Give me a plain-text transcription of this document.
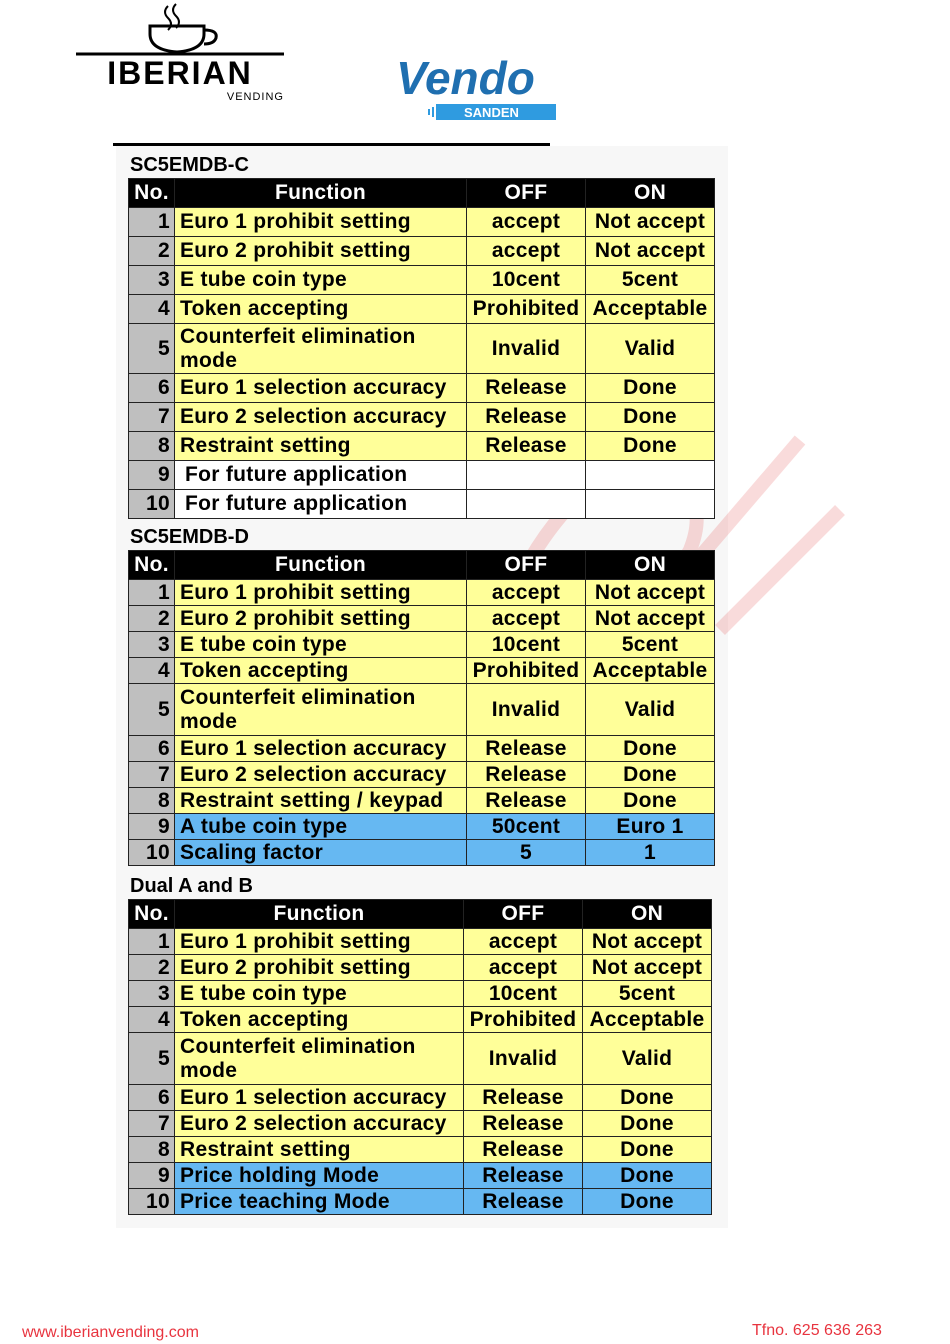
IBERIAN
VENDING Vendo
SANDEN
SC5EMDB-C
No.	Function	OFF	ON
1	Euro 1 prohibit setting	accept	Not accept
2	Euro 2 prohibit setting	accept	Not accept
3	E tube coin type	10cent	5cent
4	Token accepting	Prohibited	Acceptable
5	Counterfeit elimination mode	Invalid	Valid
6	Euro 1 selection accuracy	Release	Done
7	Euro 2 selection accuracy	Release	Done
8	Restraint setting	Release	Done
9	For future application		
10	For future application		
SC5EMDB-D
No.	Function	OFF	ON
1	Euro 1 prohibit setting	accept	Not accept
2	Euro 2 prohibit setting	accept	Not accept
3	E tube coin type	10cent	5cent
4	Token accepting	Prohibited	Acceptable
5	Counterfeit elimination mode	Invalid	Valid
6	Euro 1 selection accuracy	Release	Done
7	Euro 2 selection accuracy	Release	Done
8	Restraint setting / keypad	Release	Done
9	A tube coin type	50cent	Euro 1
10	Scaling factor	5	1
Dual A and B
No.	Function	OFF	ON
1	Euro 1 prohibit setting	accept	Not accept
2	Euro 2 prohibit setting	accept	Not accept
3	E tube coin type	10cent	5cent
4	Token accepting	Prohibited	Acceptable
5	Counterfeit elimination mode	Invalid	Valid
6	Euro 1 selection accuracy	Release	Done
7	Euro 2 selection accuracy	Release	Done
8	Restraint setting	Release	Done
9	Price holding Mode	Release	Done
10	Price teaching Mode	Release	Done
www.iberianvending.com	Tfno. 625 636 263
